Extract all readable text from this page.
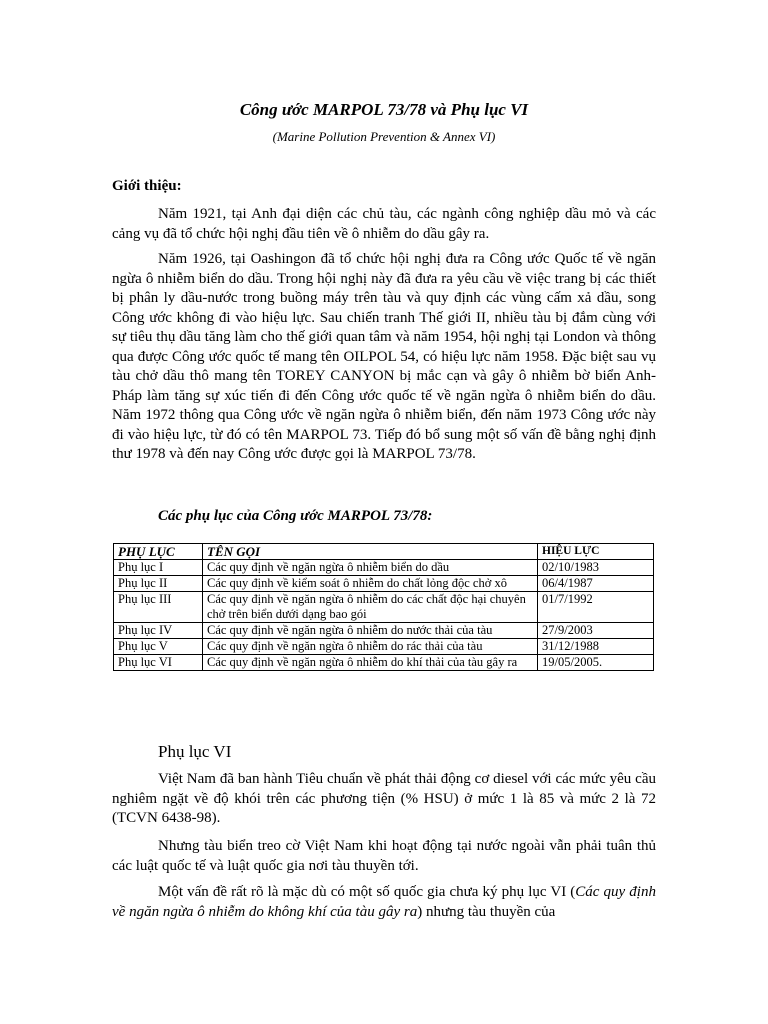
Công ước MARPOL 73/78 và Phụ lục VI
(Marine Pollution Prevention & Annex VI)
Giới thiệu:

Năm 1921, tại Anh đại diện các chủ tàu, các ngành công nghiệp dầu mỏ và các cảng vụ đã tổ chức hội nghị đầu tiên về ô nhiễm do dầu gây ra.

Năm 1926, tại Oashingon đã tổ chức hội nghị đưa ra Công ước Quốc tế về ngăn ngừa ô nhiễm biển do dầu. Trong hội nghị này đã đưa ra yêu cầu về việc trang bị các thiết bị phân ly dầu-nước trong buồng máy trên tàu và quy định các vùng cấm xả dầu, song Công ước không đi vào hiệu lực. Sau chiến tranh Thế giới II, nhiều tàu bị đắm cùng với sự tiêu thụ dầu tăng làm cho thế giới quan tâm và năm 1954, hội nghị tại London và thông qua được Công ước quốc tế mang tên OILPOL 54, có hiệu lực năm 1958. Đặc biệt sau vụ tàu chở dầu thô mang tên TOREY CANYON bị mắc cạn và gây ô nhiễm bờ biển Anh-Pháp làm tăng sự xúc tiến đi đến Công ước quốc tế về ngăn ngừa ô nhiễm biển do dầu. Năm 1972 thông qua Công ước về ngăn ngừa ô nhiễm biển, đến năm 1973 Công ước này đi vào hiệu lực, từ đó có tên MARPOL 73. Tiếp đó bổ sung một số vấn đề bằng nghị định thư 1978 và đến nay Công ước được gọi là MARPOL 73/78.

Các phụ lục của Công ước MARPOL 73/78:
PHỤ LỤC	TÊN GỌI	HIỆU LỰC
Phụ lục I	Các quy định về ngăn ngừa ô nhiễm biển do dầu	02/10/1983
Phụ lục II	Các quy định về kiểm soát ô nhiễm do chất lỏng độc chở xô	06/4/1987
Phụ lục III	Các quy định về ngăn ngừa ô nhiễm do các chất độc hại chuyên chở trên biển dưới dạng bao gói	01/7/1992
Phụ lục IV	Các quy định về ngăn ngừa ô nhiễm do nước thải của tàu	27/9/2003
Phụ lục V	Các quy định về ngăn ngừa ô nhiễm do rác thải của tàu	31/12/1988
Phụ lục VI	Các quy định về ngăn ngừa ô nhiễm do khí thải của tàu gây ra	19/05/2005.
Phụ lục VI

Việt Nam đã ban hành Tiêu chuẩn về phát thải động cơ diesel với các mức yêu cầu nghiêm ngặt về độ khói trên các phương tiện (% HSU) ở mức 1 là 85 và mức 2 là 72 (TCVN 6438-98).

Nhưng tàu biển treo cờ Việt Nam khi hoạt động tại nước ngoài vẫn phải tuân thủ các luật quốc tế và luật quốc gia nơi tàu thuyền tới.

Một vấn đề rất rõ là mặc dù có một số quốc gia chưa ký phụ lục VI (Các quy định về ngăn ngừa ô nhiễm do không khí của tàu gây ra) nhưng tàu thuyền của
